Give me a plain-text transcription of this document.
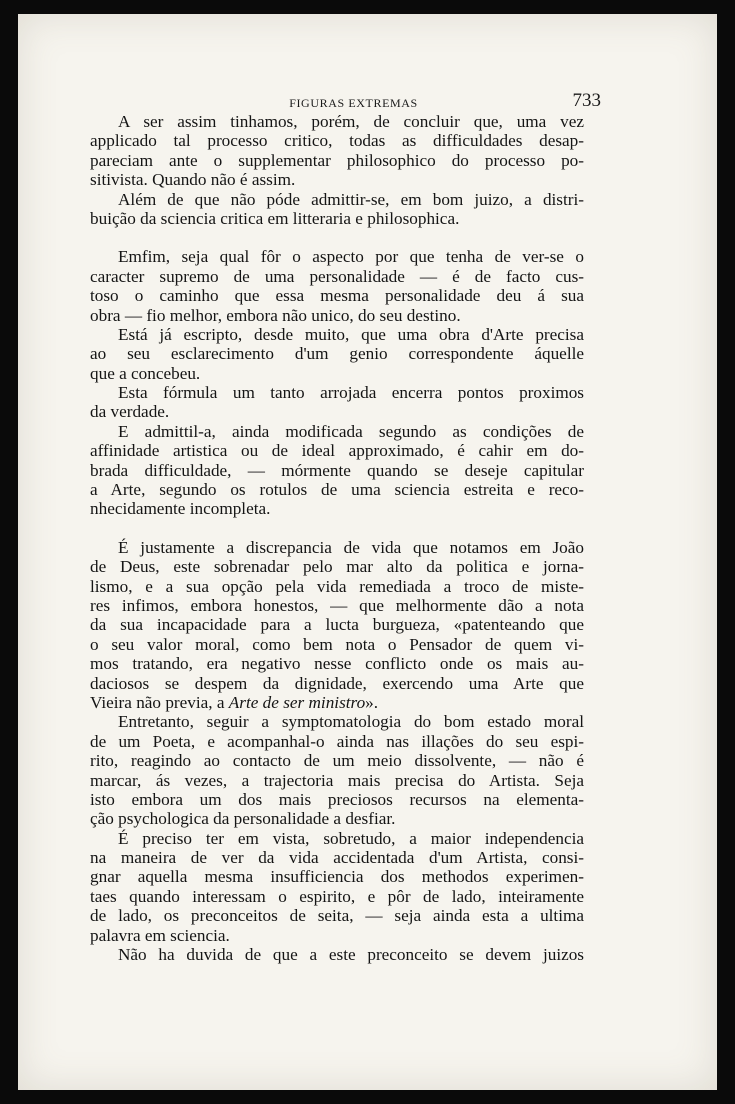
FIGURAS EXTREMAS	733
A ser assim tinhamos, porém, de concluir que, uma vez
applicado tal processo critico, todas as difficuldades desap-
pareciam ante o supplementar philosophico do processo po-
sitivista. Quando não é assim.
Além de que não póde admittir-se, em bom juizo, a distri-
buição da sciencia critica em litteraria e philosophica.
Emfim, seja qual fôr o aspecto por que tenha de ver-se o
caracter supremo de uma personalidade — é de facto cus-
toso o caminho que essa mesma personalidade deu á sua
obra — fio melhor, embora não unico, do seu destino.
Está já escripto, desde muito, que uma obra d'Arte precisa
ao seu esclarecimento d'um genio correspondente áquelle
que a concebeu.
Esta fórmula um tanto arrojada encerra pontos proximos
da verdade.
E admittil-a, ainda modificada segundo as condições de
affinidade artistica ou de ideal approximado, é cahir em do-
brada difficuldade, — mórmente quando se deseje capitular
a Arte, segundo os rotulos de uma sciencia estreita e reco-
nhecidamente incompleta.
É justamente a discrepancia de vida que notamos em João
de Deus, este sobrenadar pelo mar alto da politica e jorna-
lismo, e a sua opção pela vida remediada a troco de miste-
res infimos, embora honestos, — que melhormente dão a nota
da sua incapacidade para a lucta burgueza, «patenteando que
o seu valor moral, como bem nota o Pensador de quem vi-
mos tratando, era negativo nesse conflicto onde os mais au-
daciosos se despem da dignidade, exercendo uma Arte que
Vieira não previa, a Arte de ser ministro».
Entretanto, seguir a symptomatologia do bom estado moral
de um Poeta, e acompanhal-o ainda nas illações do seu espi-
rito, reagindo ao contacto de um meio dissolvente, — não é
marcar, ás vezes, a trajectoria mais precisa do Artista. Seja
isto embora um dos mais preciosos recursos na elementa-
ção psychologica da personalidade a desfiar.
É preciso ter em vista, sobretudo, a maior independencia
na maneira de ver da vida accidentada d'um Artista, consi-
gnar aquella mesma insufficiencia dos methodos experimen-
taes quando interessam o espirito, e pôr de lado, inteiramente
de lado, os preconceitos de seita, — seja ainda esta a ultima
palavra em sciencia.
Não ha duvida de que a este preconceito se devem juizos
